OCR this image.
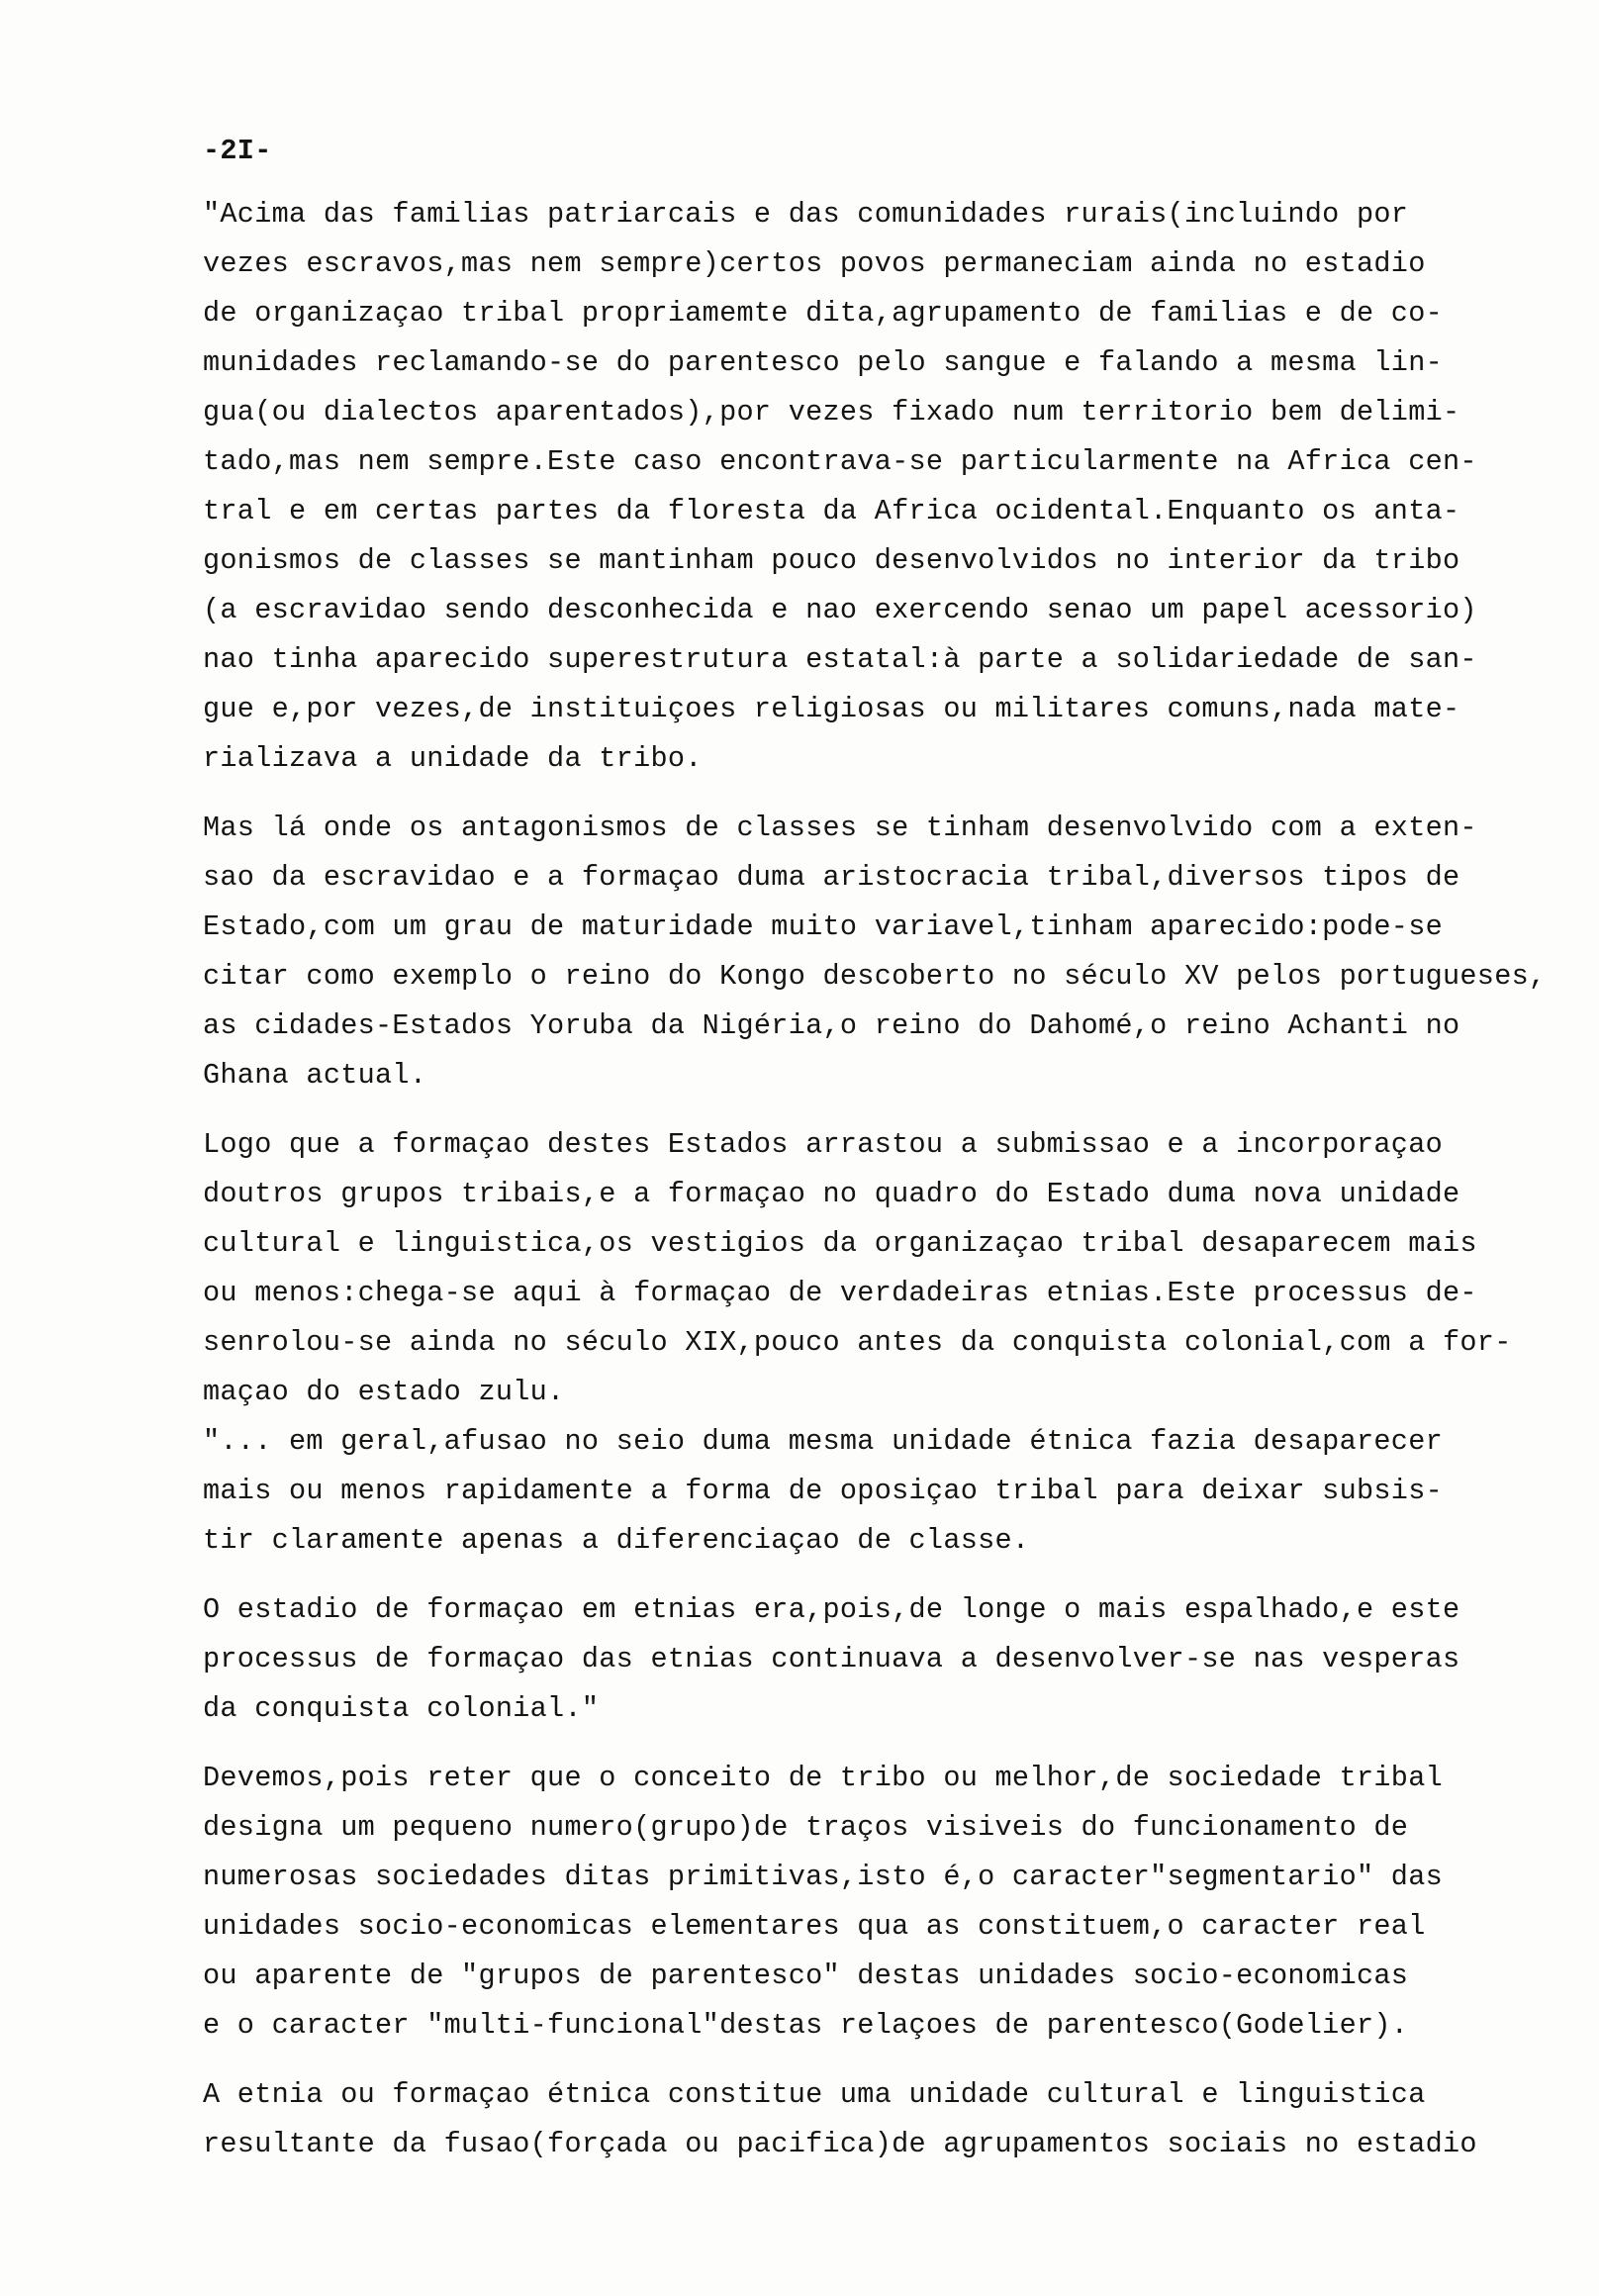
-2I-
"Acima das familias patriarcais e das comunidades rurais(incluindo por
vezes escravos,mas nem sempre)certos povos permaneciam ainda no estadio
de organizaçao tribal propriamemte dita,agrupamento de familias e de co-
munidades reclamando-se do parentesco pelo sangue e falando a mesma lin-
gua(ou dialectos aparentados),por vezes fixado num territorio bem delimi-
tado,mas nem sempre.Este caso encontrava-se particularmente na Africa cen-
tral e em certas partes da floresta da Africa ocidental.Enquanto os anta-
gonismos de classes se mantinham pouco desenvolvidos no interior da tribo
(a escravidao sendo desconhecida e nao exercendo senao um papel acessorio)
nao tinha aparecido superestrutura estatal:à parte a solidariedade de san-
gue e,por vezes,de instituiçoes religiosas ou militares comuns,nada mate-
rializava a unidade da tribo.
Mas lá onde os antagonismos de classes se tinham desenvolvido com a exten-
sao da escravidao e a formaçao duma aristocracia tribal,diversos tipos de
Estado,com um grau de maturidade muito variavel,tinham aparecido:pode-se
citar como exemplo o reino do Kongo descoberto no século XV pelos portugueses,
as cidades-Estados Yoruba da Nigéria,o reino do Dahomé,o reino Achanti no
Ghana actual.
Logo que a formaçao destes Estados arrastou a submissao e a incorporaçao
doutros grupos tribais,e a formaçao no quadro do Estado duma nova unidade
cultural e linguistica,os vestigios da organizaçao tribal desaparecem mais
ou menos:chega-se aqui à formaçao de verdadeiras etnias.Este processus de-
senrolou-se ainda no século XIX,pouco antes da conquista colonial,com a for-
maçao do estado zulu.
"... em geral,afusao no seio duma mesma unidade étnica fazia desaparecer
mais ou menos rapidamente a forma de oposiçao tribal para deixar subsis-
tir claramente apenas a diferenciaçao de classe.
O estadio de formaçao em etnias era,pois,de longe o mais espalhado,e este
processus de formaçao das etnias continuava a desenvolver-se nas vesperas
da conquista colonial."
Devemos,pois reter que o conceito de tribo ou melhor,de sociedade tribal
designa um pequeno numero(grupo)de traços visiveis do funcionamento de
numerosas sociedades ditas primitivas,isto é,o caracter"segmentario" das
unidades socio-economicas elementares qua as constituem,o caracter real
ou aparente de "grupos de parentesco" destas unidades socio-economicas
e o caracter "multi-funcional"destas relaçoes de parentesco(Godelier).
A etnia ou formaçao étnica constitue uma unidade cultural e linguistica
resultante da fusao(forçada ou pacifica)de agrupamentos sociais no estadio
